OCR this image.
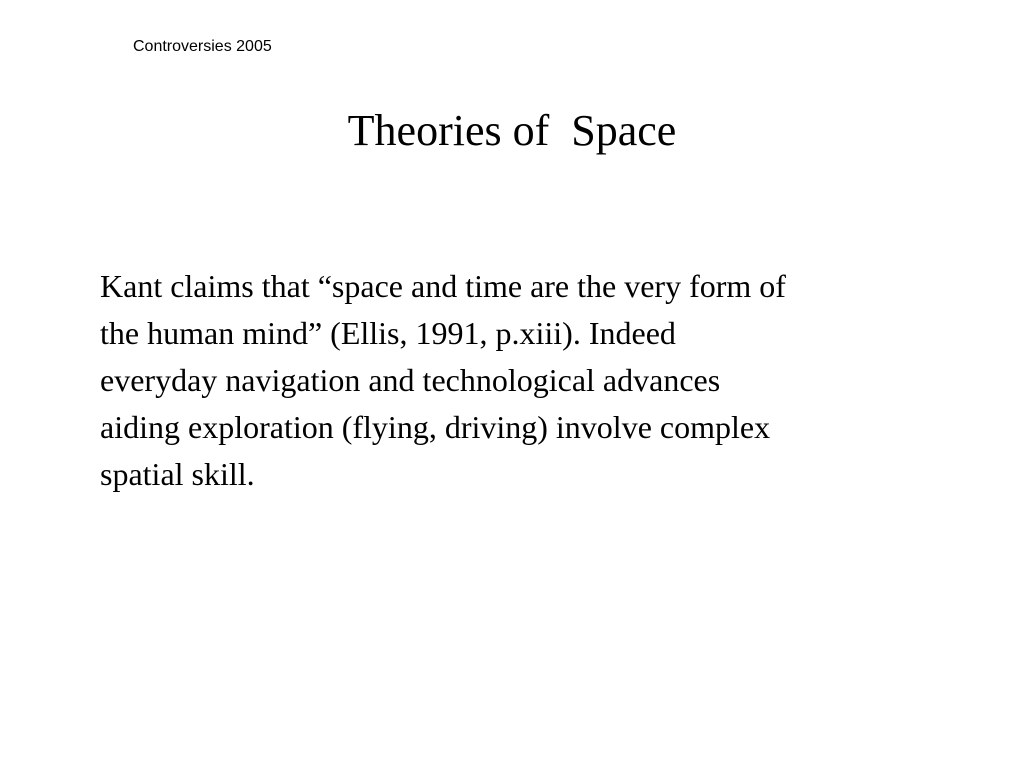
Controversies 2005
Theories of  Space
Kant claims that “space and time are the very form of
the human mind” (Ellis, 1991, p.xiii). Indeed
everyday navigation and technological advances
aiding exploration (flying, driving) involve complex
spatial skill.
